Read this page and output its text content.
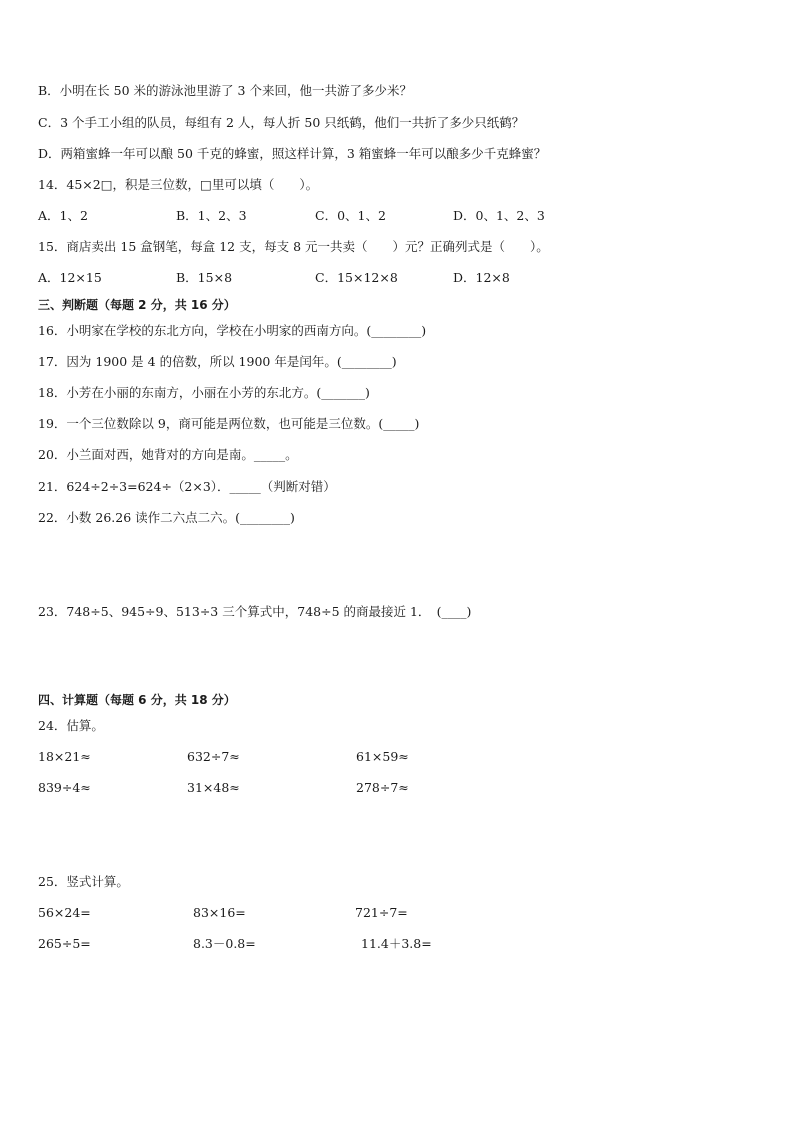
B．小明在长 50 米的游泳池里游了 3 个来回，他一共游了多少米？
C．3 个手工小组的队员，每组有 2 人，每人折 50 只纸鹤，他们一共折了多少只纸鹤？
D．两箱蜜蜂一年可以酿 50 千克的蜂蜜，照这样计算，3 箱蜜蜂一年可以酿多少千克蜂蜜？
14．45×2□，积是三位数，□里可以填（　　）。
A．1、2	B．1、2、3	C．0、1、2	D．0、1、2、3
15．商店卖出 15 盒钢笔，每盒 12 支，每支 8 元一共卖（　　）元？正确列式是（　　）。
A．12×15	B．15×8	C．15×12×8	D．12×8
三、判断题（每题 2 分，共 16 分）
16．小明家在学校的东北方向，学校在小明家的西南方向。(________)
17．因为 1900 是 4 的倍数，所以 1900 年是闰年。(________)
18．小芳在小丽的东南方，小丽在小芳的东北方。(_______)
19．一个三位数除以 9，商可能是两位数，也可能是三位数。(_____)
20．小兰面对西，她背对的方向是南。_____。
21．624÷2÷3=624÷（2×3）．_____（判断对错）
22．小数 26.26 读作二六点二六。(________)
23．748÷5、945÷9、513÷3 三个算式中，748÷5 的商最接近 1．　(____)
四、计算题（每题 6 分，共 18 分）
24．估算。
18×21≈	632÷7≈	61×59≈
839÷4≈	31×48≈	278÷7≈
25．竖式计算。
56×24=	83×16=	721÷7=
265÷5=	8.3－0.8=	11.4＋3.8=
